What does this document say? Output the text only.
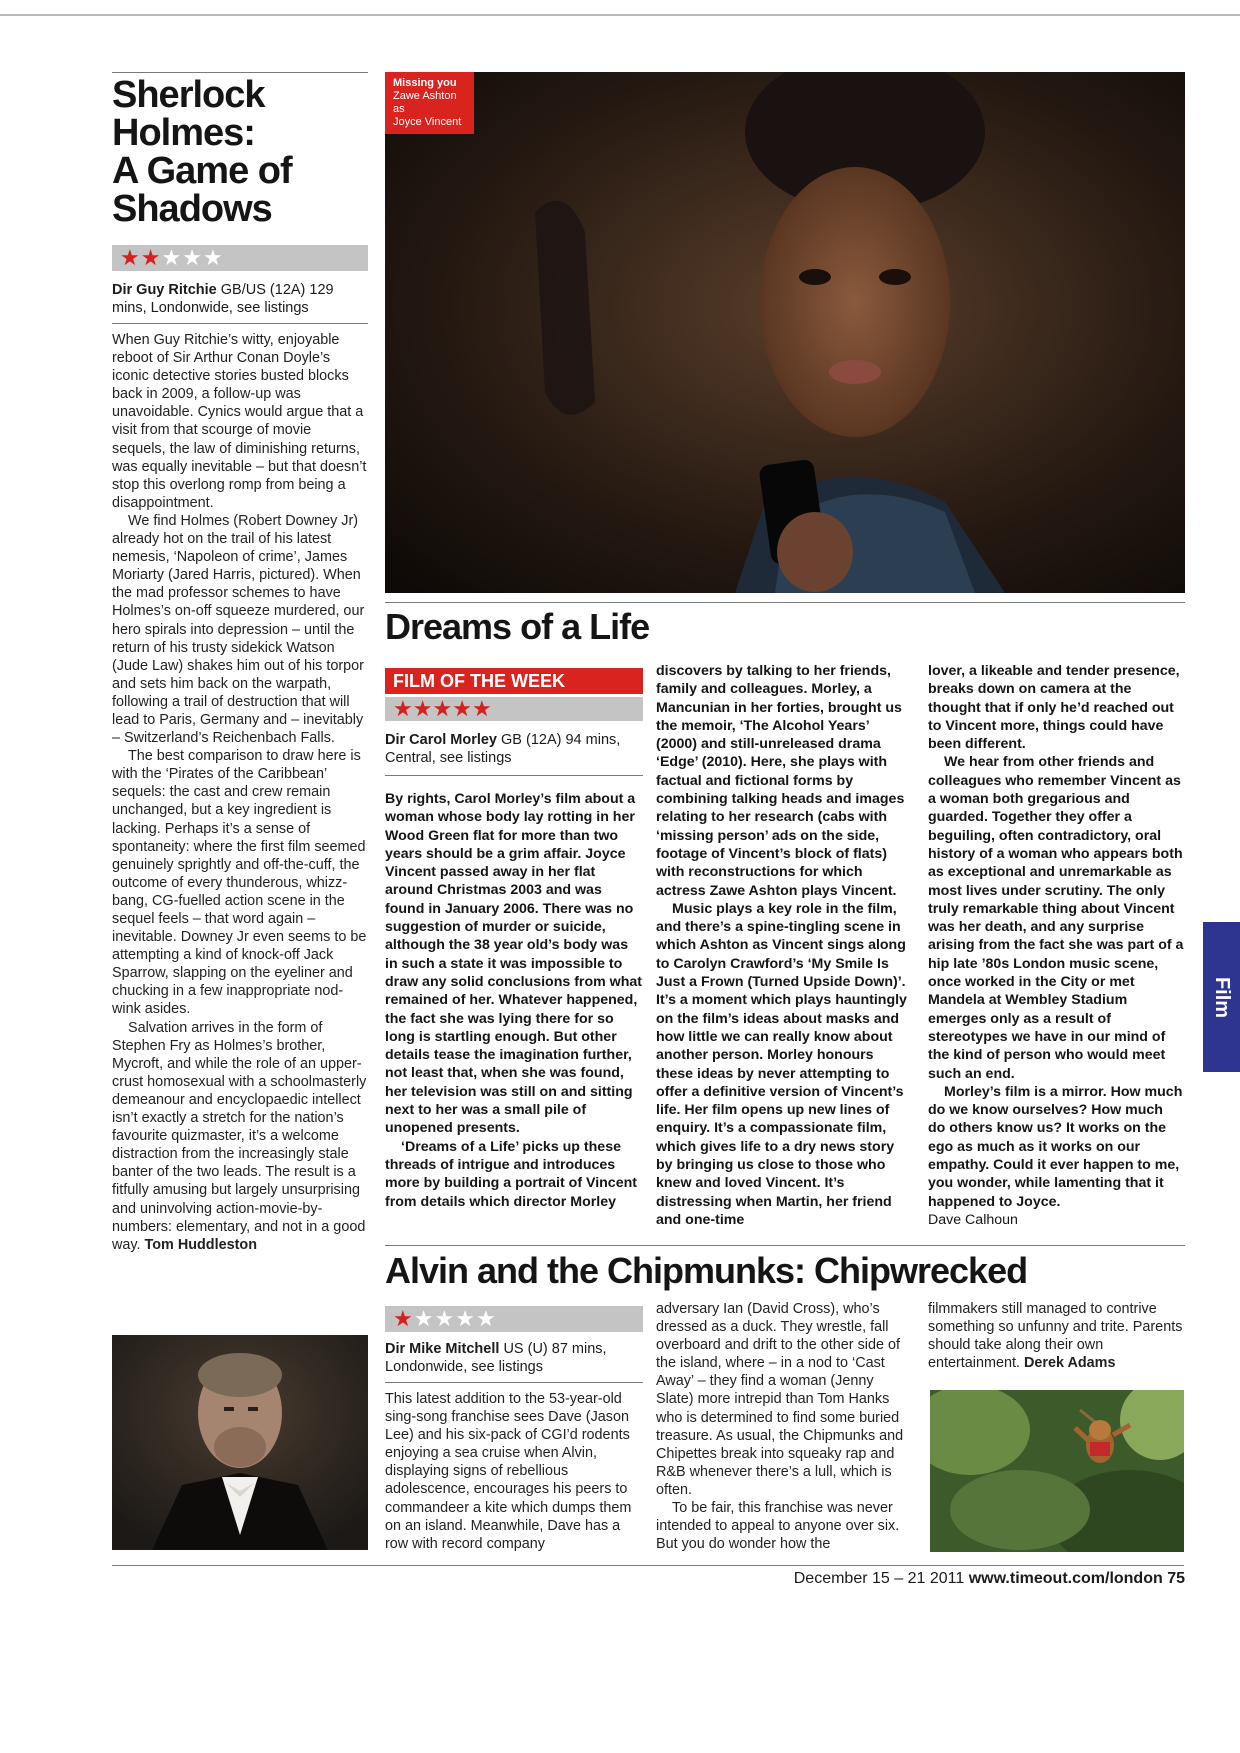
Sherlock
Holmes:
A Game of
Shadows
★★★★★
Dir Guy Ritchie GB/US (12A) 129 mins, Londonwide, see listings

When Guy Ritchie’s witty, enjoyable reboot of Sir Arthur Conan Doyle’s iconic detective stories busted blocks back in 2009, a follow-up was unavoidable. Cynics would argue that a visit from that scourge of movie sequels, the law of diminishing returns, was equally inevitable – but that doesn’t stop this overlong romp from being a disappointment.

We find Holmes (Robert Downey Jr) already hot on the trail of his latest nemesis, ‘Napoleon of crime’, James Moriarty (Jared Harris, pictured). When the mad professor schemes to have Holmes’s on-off squeeze murdered, our hero spirals into depression – until the return of his trusty sidekick Watson (Jude Law) shakes him out of his torpor and sets him back on the warpath, following a trail of destruction that will lead to Paris, Germany and – inevitably – Switzerland’s Reichenbach Falls.

The best comparison to draw here is with the ‘Pirates of the Caribbean’ sequels: the cast and crew remain unchanged, but a key ingredient is lacking. Perhaps it’s a sense of spontaneity: where the first film seemed genuinely sprightly and off-the-cuff, the outcome of every thunderous, whizz-bang, CG-fuelled action scene in the sequel feels – that word again – inevitable. Downey Jr even seems to be attempting a kind of knock-off Jack Sparrow, slapping on the eyeliner and chucking in a few inappropriate nod-wink asides.

Salvation arrives in the form of Stephen Fry as Holmes’s brother, Mycroft, and while the role of an upper-crust homosexual with a schoolmasterly demeanour and encyclopaedic intellect isn’t exactly a stretch for the nation’s favourite quizmaster, it’s a welcome distraction from the increasingly stale banter of the two leads. The result is a fitfully amusing but largely unsurprising and uninvolving action-movie-by-numbers: elementary, and not in a good way. Tom Huddleston

Missing you
Zawe Ashton as
Joyce Vincent
Dreams of a Life
FILM OF THE WEEK
★★★★★
Dir Carol Morley GB (12A) 94 mins, Central, see listings

By rights, Carol Morley’s film about a woman whose body lay rotting in her Wood Green flat for more than two years should be a grim affair. Joyce Vincent passed away in her flat around Christmas 2003 and was found in January 2006. There was no suggestion of murder or suicide, although the 38 year old’s body was in such a state it was impossible to draw any solid conclusions from what remained of her. Whatever happened, the fact she was lying there for so long is startling enough. But other details tease the imagination further, not least that, when she was found, her television was still on and sitting next to her was a small pile of unopened presents.

‘Dreams of a Life’ picks up these threads of intrigue and introduces more by building a portrait of Vincent from details which director Morley

discovers by talking to her friends, family and colleagues. Morley, a Mancunian in her forties, brought us the memoir, ‘The Alcohol Years’ (2000) and still-unreleased drama ‘Edge’ (2010). Here, she plays with factual and fictional forms by combining talking heads and images relating to her research (cabs with ‘missing person’ ads on the side, footage of Vincent’s block of flats) with reconstructions for which actress Zawe Ashton plays Vincent.

Music plays a key role in the film, and there’s a spine-tingling scene in which Ashton as Vincent sings along to Carolyn Crawford’s ‘My Smile Is Just a Frown (Turned Upside Down)’. It’s a moment which plays hauntingly on the film’s ideas about masks and how little we can really know about another person. Morley honours these ideas by never attempting to offer a definitive version of Vincent’s life. Her film opens up new lines of enquiry. It’s a compassionate film, which gives life to a dry news story by bringing us close to those who knew and loved Vincent. It’s distressing when Martin, her friend and one-time

lover, a likeable and tender presence, breaks down on camera at the thought that if only he’d reached out to Vincent more, things could have been different.

We hear from other friends and colleagues who remember Vincent as a woman both gregarious and guarded. Together they offer a beguiling, often contradictory, oral history of a woman who appears both as exceptional and unremarkable as most lives under scrutiny. The only truly remarkable thing about Vincent was her death, and any surprise arising from the fact she was part of a hip late ’80s London music scene, once worked in the City or met Mandela at Wembley Stadium emerges only as a result of stereotypes we have in our mind of the kind of person who would meet such an end.

Morley’s film is a mirror. How much do we know ourselves? How much do others know us? It works on the ego as much as it works on our empathy. Could it ever happen to me, you wonder, while lamenting that it happened to Joyce.

Dave Calhoun

Alvin and the Chipmunks: Chipwrecked
★★★★★
Dir Mike Mitchell US (U) 87 mins, Londonwide, see listings

This latest addition to the 53-year-old sing-song franchise sees Dave (Jason Lee) and his six-pack of CGI’d rodents enjoying a sea cruise when Alvin, displaying signs of rebellious adolescence, encourages his peers to commandeer a kite which dumps them on an island. Meanwhile, Dave has a row with record company

adversary Ian (David Cross), who’s dressed as a duck. They wrestle, fall overboard and drift to the other side of the island, where – in a nod to ‘Cast Away’ – they find a woman (Jenny Slate) more intrepid than Tom Hanks who is determined to find some buried treasure. As usual, the Chipmunks and Chipettes break into squeaky rap and R&B whenever there’s a lull, which is often.

To be fair, this franchise was never intended to appeal to anyone over six. But you do wonder how the

filmmakers still managed to contrive something so unfunny and trite. Parents should take along their own entertainment. Derek Adams

December 15 – 21 2011 www.timeout.com/london 75
Film
